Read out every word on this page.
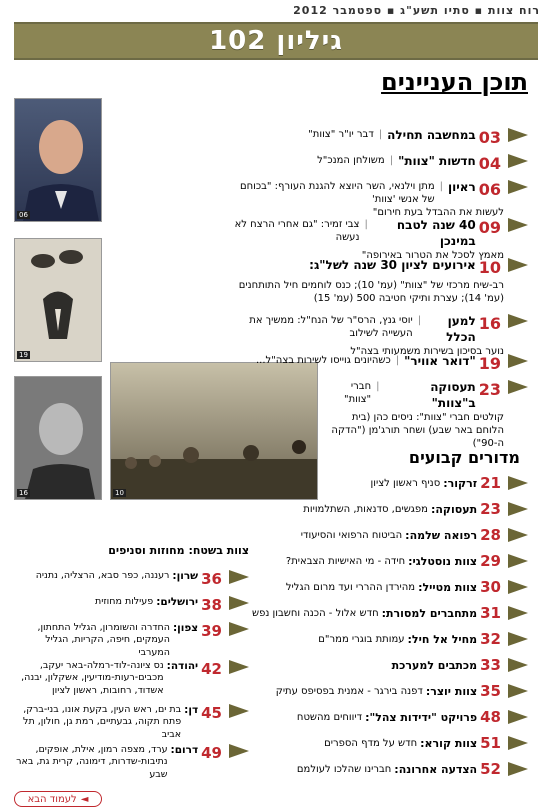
רוח צוות ▪ סתיו תשע"ג ▪ ספטמבר 2012
גיליון 102
תוכן העניינים
06
19
16	10
03
במחשבה תחילה
|
דבר יו"ר "צוות"
04
חדשות "צוות"
|
משולחן המנכ"ל
06
ראיון
|
מתן וילנאי, השר היוצא להגנת העורף: "בכוחם של אנשי 'צוות'
לעשות את ההבדל בעת חירום"
09
40 שנה לטבח במינכן
|
צבי זמיר: "גם אחרי הרצח לא נעשה
מאמץ לסכל את הטרור באירופה"
10
אירועים לציון 30 שנה לשל"ג:
רב-שיח מרכזי של "צוות" (עמ' 10); כנס לוחמים חיל התותחנים (עמ' 14); עצרת ותיקי חטיבה 500 (עמ' 15)
16
למען הכלל
|
יוסי גנץ, הרס"ר של הנח"ל: ממשיך את העשייה לשילוב
נוער בסיכון בשירות משמעותי בצה"ל
19
"דואר אוויר"
|
כשהיונים גוייסו לשירות בצה"ל...
23
תעסוקה ב"צוות"
|
חברי "צוות"
קולטים חברי "צוות": ניסים כהן (בית הלוחם באר שבע) ושחר תורג'מן ("הדקה ה-90")
מדורים קבועים
21
זרקור:
סניף ראשון לציון
23
תעסוקה:
מפגשים, סדנאות, השתלמויות
28
רפואה שלמה:
הביטוח הרפואי והסיעודי
29
צוות נוסטלגי:
חידה - מי האישיות הצבאית?
30
צוות מטייל:
מהירדן ההררי ועד מרום הגליל
31
מתחברים למסורת:
חדש אלול - הכנה וחשבון נפש
32
מחיל אל חיל:
עמותת בוגרי ממר"ם
33
מכתבים למערכת
35
צוות יוצר:
דפנה בירגר - אמנית בפסיפס עתיק
48
פרויקט "ידידות צהל":
דיווחים מהשטח
51
צוות קורא:
חדש על מדף הספרים
52
הצדעה אחרונה:
חברינו שהלכו לעולמם
צוות בשטח: מחוזות וסניפים
36
שרון:
רעננה, כפר סבא, הרצליה, נתניה
38
ירושלים:
פעילות מחוזית
39
צפון:
החדרה והשומרון, הגליל התחתון, העמקים, חיפה, הקריות, הגליל המערבי
42
יהודה:
נס ציונה-לוד-רמלה-באר יעקב, מכבים-רעות-מודיעין, אשקלון, יבנה, אשדוד, רחובות, ראשון לציון
45
דן:
בת ים, ראש העין, בקעת אונו, בני-ברק, פתח תקוה, גבעתיים, רמת גן, חולון, תל אביב
49
דרום:
ערד, מצפה רמון, אילת, אופקים, נתיבות-שדרות, דימונה, קרית גת, באר שבע
◄
לעמוד הבא
